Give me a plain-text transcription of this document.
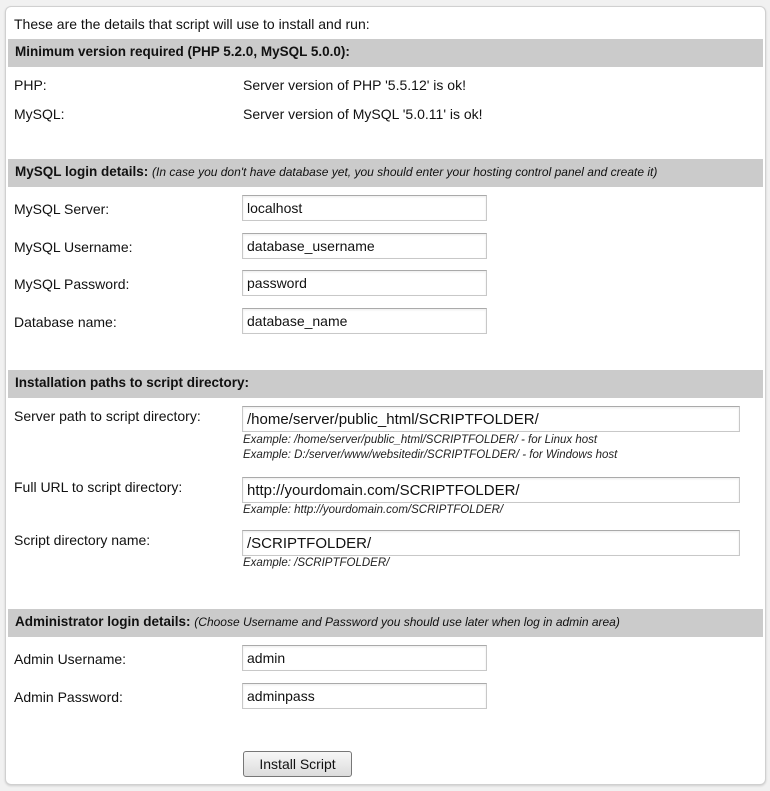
These are the details that script will use to install and run:
Minimum version required (PHP 5.2.0, MySQL 5.0.0):
PHP:	Server version of PHP '5.5.12' is ok!
MySQL:	Server version of MySQL '5.0.11' is ok!
MySQL login details: (In case you don't have database yet, you should enter your hosting control panel and create it)
MySQL Server:
localhost
MySQL Username:
database_username
MySQL Password:
password
Database name:
database_name
Installation paths to script directory:
Server path to script directory:
/home/server/public_html/SCRIPTFOLDER/
Example: /home/server/public_html/SCRIPTFOLDER/ - for Linux host
Example: D:/server/www/websitedir/SCRIPTFOLDER/ - for Windows host
Full URL to script directory:
http://yourdomain.com/SCRIPTFOLDER/
Example: http://yourdomain.com/SCRIPTFOLDER/
Script directory name:
/SCRIPTFOLDER/
Example: /SCRIPTFOLDER/
Administrator login details: (Choose Username and Password you should use later when log in admin area)
Admin Username:
admin
Admin Password:
adminpass
Install Script
